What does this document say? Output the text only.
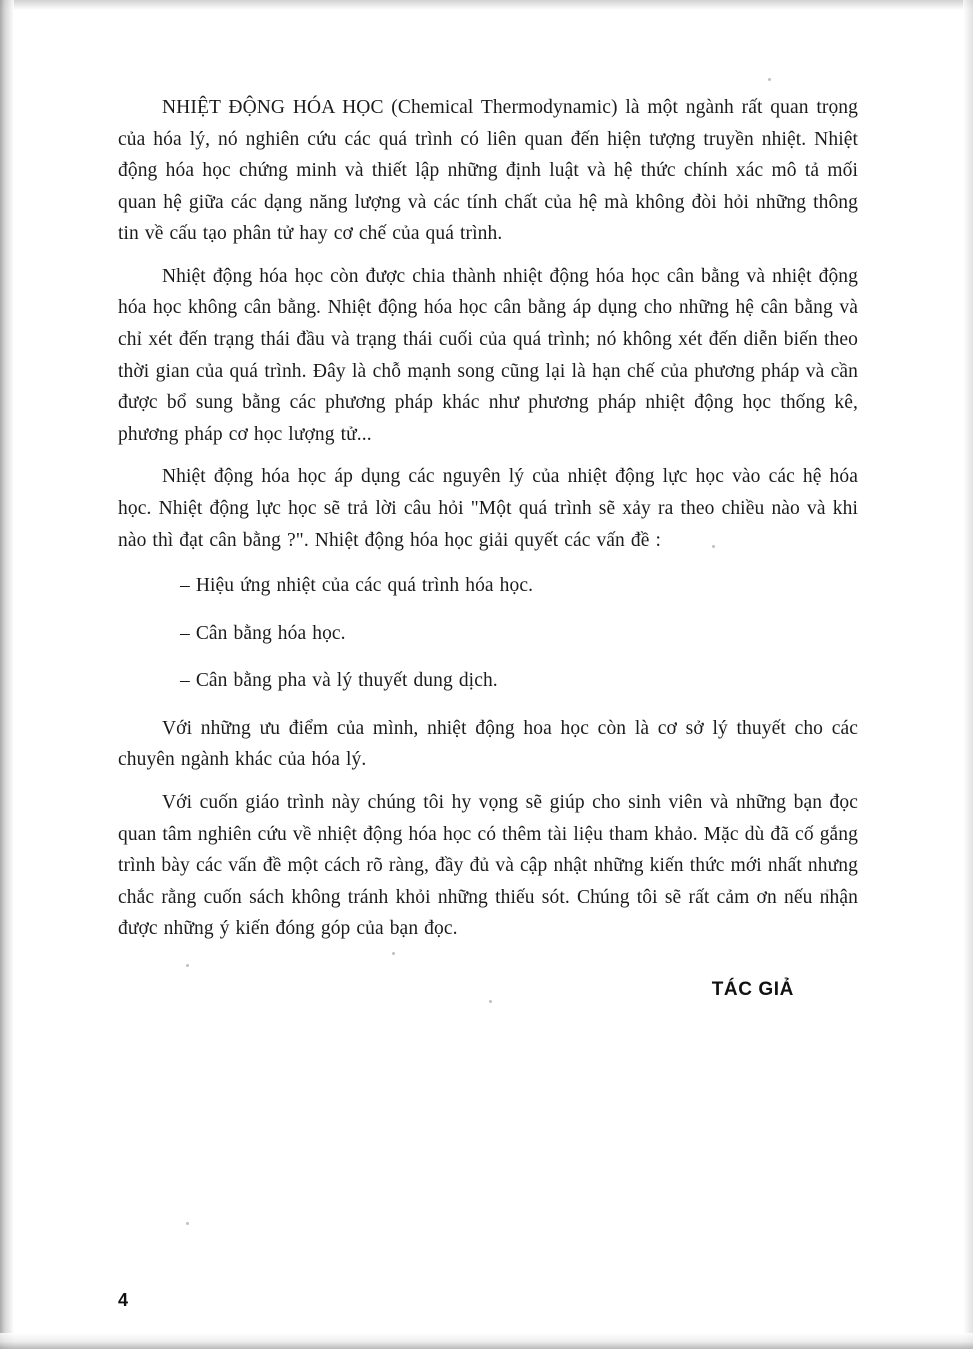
NHIỆT ĐỘNG HÓA HỌC (Chemical Thermodynamic) là một ngành rất quan trọng của hóa lý, nó nghiên cứu các quá trình có liên quan đến hiện tượng truyền nhiệt. Nhiệt động hóa học chứng minh và thiết lập những định luật và hệ thức chính xác mô tả mối quan hệ giữa các dạng năng lượng và các tính chất của hệ mà không đòi hỏi những thông tin về cấu tạo phân tử hay cơ chế của quá trình.

Nhiệt động hóa học còn được chia thành nhiệt động hóa học cân bằng và nhiệt động hóa học không cân bằng. Nhiệt động hóa học cân bằng áp dụng cho những hệ cân bằng và chỉ xét đến trạng thái đầu và trạng thái cuối của quá trình; nó không xét đến diễn biến theo thời gian của quá trình. Đây là chỗ mạnh song cũng lại là hạn chế của phương pháp và cần được bổ sung bằng các phương pháp khác như phương pháp nhiệt động học thống kê, phương pháp cơ học lượng tử...

Nhiệt động hóa học áp dụng các nguyên lý của nhiệt động lực học vào các hệ hóa học. Nhiệt động lực học sẽ trả lời câu hỏi "Một quá trình sẽ xảy ra theo chiều nào và khi nào thì đạt cân bằng ?". Nhiệt động hóa học giải quyết các vấn đề :

– Hiệu ứng nhiệt của các quá trình hóa học.
– Cân bằng hóa học.
– Cân bằng pha và lý thuyết dung dịch.

Với những ưu điểm của mình, nhiệt động hoa học còn là cơ sở lý thuyết cho các chuyên ngành khác của hóa lý.

Với cuốn giáo trình này chúng tôi hy vọng sẽ giúp cho sinh viên và những bạn đọc quan tâm nghiên cứu về nhiệt động hóa học có thêm tài liệu tham khảo. Mặc dù đã cố gắng trình bày các vấn đề một cách rõ ràng, đầy đủ và cập nhật những kiến thức mới nhất nhưng chắc rằng cuốn sách không tránh khỏi những thiếu sót. Chúng tôi sẽ rất cảm ơn nếu nhận được những ý kiến đóng góp của bạn đọc.

TÁC GIẢ
4
